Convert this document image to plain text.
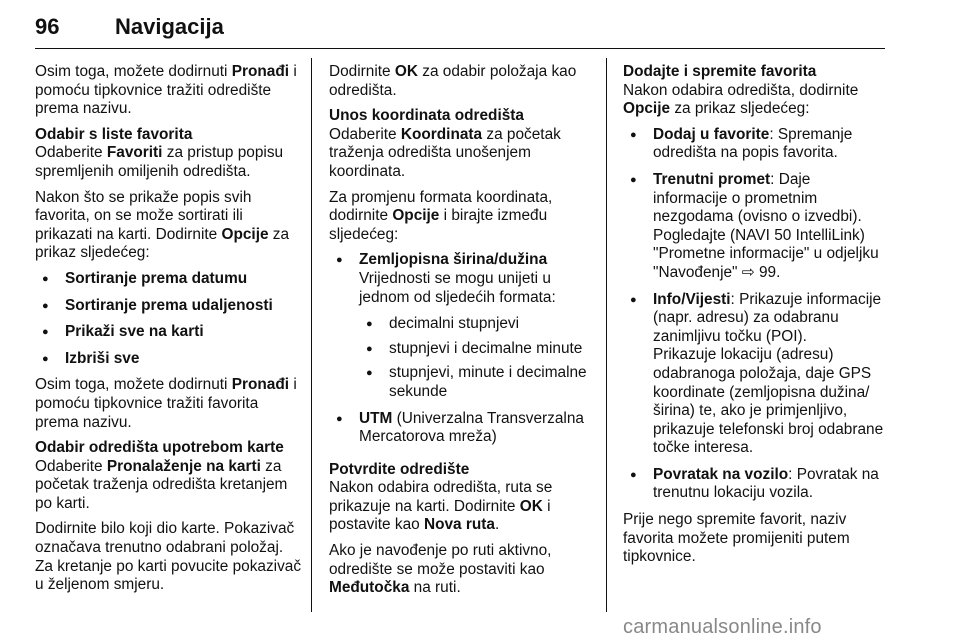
96	Navigacija

Osim toga, možete dodirnuti Pronađi i pomoću tipkovnice tražiti odredište prema nazivu.

Odabir s liste favorita

Odaberite Favoriti za pristup popisu spremljenih omiljenih odredišta.

Nakon što se prikaže popis svih favorita, on se može sortirati ili prikazati na karti. Dodirnite Opcije za prikaz sljedećeg:

● Sortiranje prema datumu
● Sortiranje prema udaljenosti
● Prikaži sve na karti
● Izbriši sve

Osim toga, možete dodirnuti Pronađi i pomoću tipkovnice tražiti favorita prema nazivu.

Odabir odredišta upotrebom karte

Odaberite Pronalaženje na karti za početak traženja odredišta kretanjem po karti.

Dodirnite bilo koji dio karte. Pokazivač označava trenutno odabrani položaj. Za kretanje po karti povucite pokazivač u željenom smjeru.

Dodirnite OK za odabir položaja kao odredišta.

Unos koordinata odredišta

Odaberite Koordinata za početak traženja odredišta unošenjem koordinata.

Za promjenu formata koordinata, dodirnite Opcije i birajte između sljedećeg:

● Zemljopisna širina/dužina

Vrijednosti se mogu unijeti u jednom od sljedećih formata:

● decimalni stupnjevi
● stupnjevi i decimalne minute
● stupnjevi, minute i decimalne sekunde
● UTM (Univerzalna Transverzalna Mercatorova mreža)
Potvrdite odredište

Nakon odabira odredišta, ruta se prikazuje na karti. Dodirnite OK i postavite kao Nova ruta.

Ako je navođenje po ruti aktivno, odredište se može postaviti kao Međutočka na ruti.

Dodajte i spremite favorita

Nakon odabira odredišta, dodirnite Opcije za prikaz sljedećeg:

● Dodaj u favorite: Spremanje odredišta na popis favorita.
● Trenutni promet: Daje informacije o prometnim nezgodama (ovisno o izvedbi).

Pogledajte (NAVI 50 IntelliLink) "Prometne informacije" u odjeljku "Navođenje" ⇨ 99.

● Info/Vijesti: Prikazuje informacije (napr. adresu) za odabranu zanimljivu točku (POI).

Prikazuje lokaciju (adresu) odabranoga položaja, daje GPS koordinate (zemljopisna dužina/ širina) te, ako je primjenljivo, prikazuje telefonski broj odabrane točke interesa.

● Povratak na vozilo: Povratak na trenutnu lokaciju vozila.

Prije nego spremite favorit, naziv favorita možete promijeniti putem tipkovnice.

carmanualsonline.info
